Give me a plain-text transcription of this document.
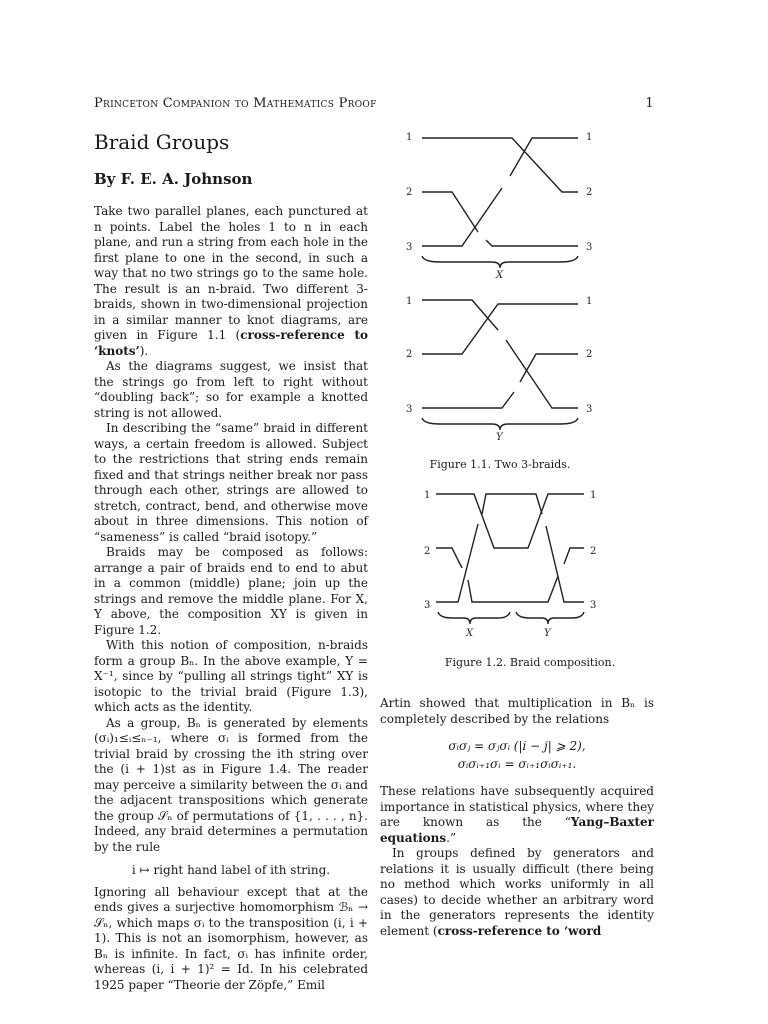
Princeton Companion to Mathematics Proof	1
Braid Groups
By F. E. A. Johnson

Take two parallel planes, each punctured at n points. Label the holes 1 to n in each plane, and run a string from each hole in the first plane to one in the second, in such a way that no two strings go to the same hole. The result is an n-braid. Two different 3-braids, shown in two-dimensional projection in a similar manner to knot diagrams, are given in Figure 1.1 (cross-reference to ‘knots’).

As the diagrams suggest, we insist that the strings go from left to right without “doubling back”; so for example a knotted string is not allowed.

In describing the “same” braid in different ways, a certain freedom is allowed. Subject to the restrictions that string ends remain fixed and that strings neither break nor pass through each other, strings are allowed to stretch, contract, bend, and otherwise move about in three dimensions. This notion of “sameness” is called “braid isotopy.”

Braids may be composed as follows: arrange a pair of braids end to end to abut in a common (middle) plane; join up the strings and remove the middle plane. For X, Y above, the composition XY is given in Figure 1.2.

With this notion of composition, n-braids form a group Bₙ. In the above example, Y = X⁻¹, since by “pulling all strings tight” XY is isotopic to the trivial braid (Figure 1.3), which acts as the identity.

As a group, Bₙ is generated by elements (σᵢ)₁≤ᵢ≤ₙ₋₁, where σᵢ is formed from the trivial braid by crossing the ith string over the (i + 1)st as in Figure 1.4. The reader may perceive a similarity between the σᵢ and the adjacent transpositions which generate the group 𝒮ₙ of permutations of {1, . . . , n}. Indeed, any braid determines a permutation by the rule

i ↦ right hand label of ith string.

Ignoring all behaviour except that at the ends gives a surjective homomorphism ℬₙ → 𝒮ₙ, which maps σᵢ to the transposition (i, i + 1). This is not an isomorphism, however, as Bₙ is infinite. In fact, σᵢ has infinite order, whereas (i, i + 1)² = Id. In his celebrated 1925 paper “Theorie der Zöpfe,” Emil

1
2
3
1
2
3
X
1
2
3
1
2
3
Y
Figure 1.1. Two 3-braids.
1
2
3
1
2
3
X	Y
Figure 1.2. Braid composition.

Artin showed that multiplication in Bₙ is completely described by the relations

σᵢσⱼ = σⱼσᵢ (|i − j| ⩾ 2),

σᵢσᵢ₊₁σᵢ = σᵢ₊₁σᵢσᵢ₊₁.

These relations have subsequently acquired importance in statistical physics, where they are known as the “Yang–Baxter equations.”

In groups defined by generators and relations it is usually difficult (there being no method which works uniformly in all cases) to decide whether an arbitrary word in the generators represents the identity element (cross-reference to ‘word
